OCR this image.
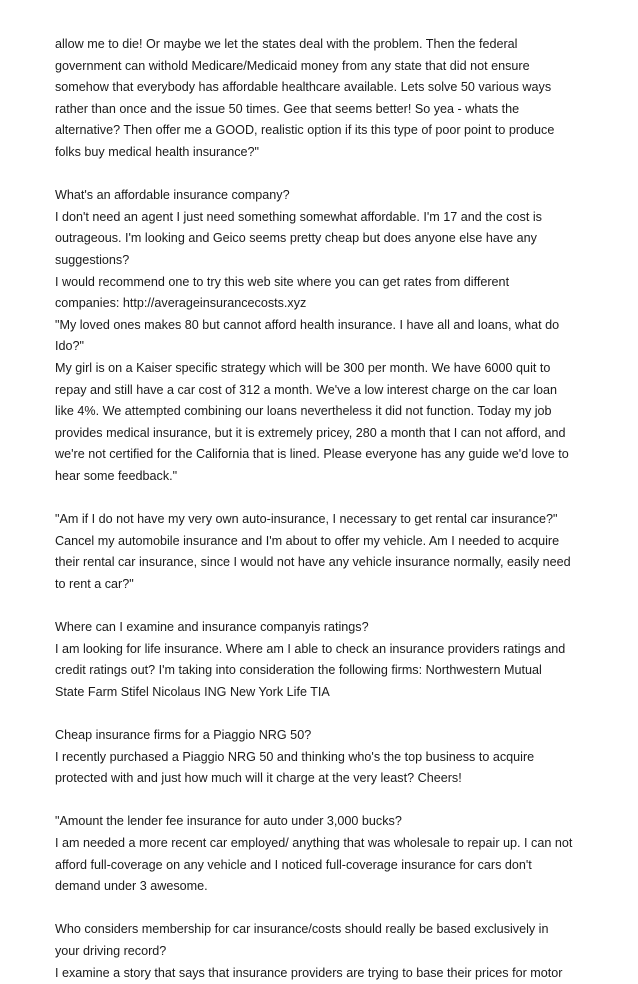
allow me to die! Or maybe we let the states deal with the problem. Then the federal
government can withold Medicare/Medicaid money from any state that did not ensure
somehow that everybody has affordable healthcare available. Lets solve 50 various ways
rather than once and the issue 50 times. Gee that seems better! So yea - whats the
alternative? Then offer me a GOOD, realistic option if its this type of poor point to produce
folks buy medical health insurance?"
What's an affordable insurance company?
I don't need an agent I just need something somewhat affordable. I'm 17 and the cost is
outrageous. I'm looking and Geico seems pretty cheap but does anyone else have any
suggestions?
I would recommend one to try this web site where you can get rates from different
companies: http://averageinsurancecosts.xyz
"My loved ones makes 80 but cannot afford health insurance. I have all and loans, what do
Ido?"
My girl is on a Kaiser specific strategy which will be 300 per month. We have 6000 quit to
repay and still have a car cost of 312 a month. We've a low interest charge on the car loan
like 4%. We attempted combining our loans nevertheless it did not function. Today my job
provides medical insurance, but it is extremely pricey, 280 a month that I can not afford, and
we're not certified for the California that is lined. Please everyone has any guide we'd love to
hear some feedback."
"Am if I do not have my very own auto-insurance, I necessary to get rental car insurance?"
Cancel my automobile insurance and I'm about to offer my vehicle. Am I needed to acquire
their rental car insurance, since I would not have any vehicle insurance normally, easily need
to rent a car?"
Where can I examine and insurance companyis ratings?
I am looking for life insurance. Where am I able to check an insurance providers ratings and
credit ratings out? I'm taking into consideration the following firms: Northwestern Mutual
State Farm Stifel Nicolaus ING New York Life TIA
Cheap insurance firms for a Piaggio NRG 50?
I recently purchased a Piaggio NRG 50 and thinking who's the top business to acquire
protected with and just how much will it charge at the very least? Cheers!
"Amount the lender fee insurance for auto under 3,000 bucks?
I am needed a more recent car employed/ anything that was wholesale to repair up. I can not
afford full-coverage on any vehicle and I noticed full-coverage insurance for cars don't
demand under 3 awesome.
Who considers membership for car insurance/costs should really be based exclusively in
your driving record?
I examine a story that says that insurance providers are trying to base their prices for motor
